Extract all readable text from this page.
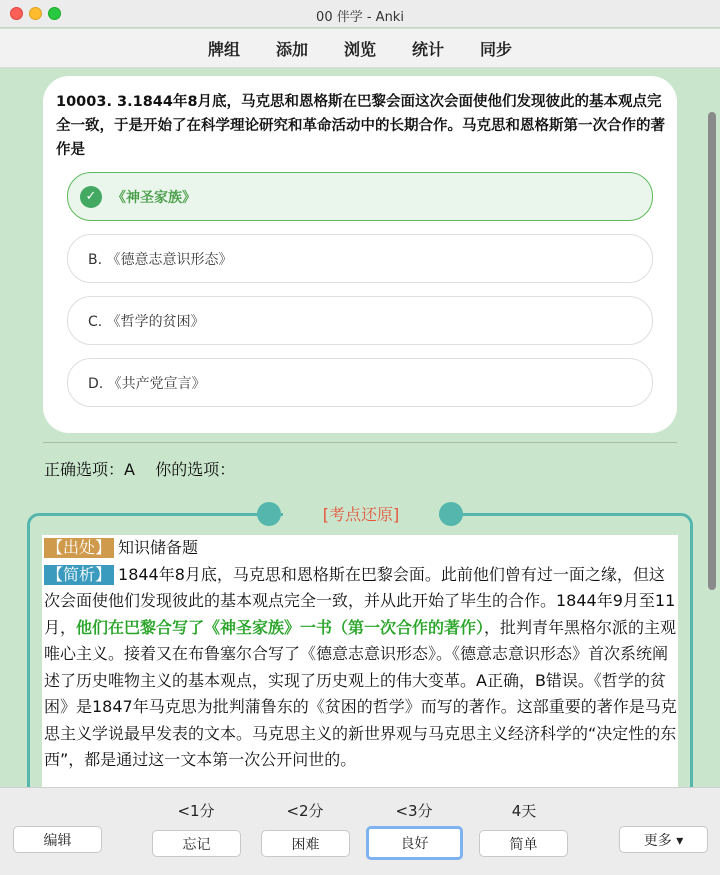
00 伴学 - Anki
牌组 添加 浏览 统计 同步
10003. 3.1844年8月底，马克思和恩格斯在巴黎会面这次会面使他们发现彼此的基本观点完全一致，于是开始了在科学理论研究和革命活动中的长期合作。马克思和恩格斯第一次合作的著作是
✓	《神圣家族》
B. 《德意志意识形态》
C. 《哲学的贫困》
D. 《共产党宣言》
正确选项：A    你的选项：
[考点还原]
【出处】 知识储备题
【简析】 1844年8月底，马克思和恩格斯在巴黎会面。此前他们曾有过一面之缘，但这次会面使他们发现彼此的基本观点完全一致，并从此开始了毕生的合作。1844年9月至11月，他们在巴黎合写了《神圣家族》一书（第一次合作的著作），批判青年黑格尔派的主观唯心主义。接着又在布鲁塞尔合写了《德意志意识形态》。《德意志意识形态》首次系统阐述了历史唯物主义的基本观点，实现了历史观上的伟大变革。A正确，B错误。《哲学的贫困》是1847年马克思为批判蒲鲁东的《贫困的哲学》而写的著作。这部重要的著作是马克思主义学说最早发表的文本。马克思主义的新世界观与马克思主义经济科学的“决定性的东西”，都是通过这一文本第一次公开问世的。
编辑
<1分	<2分	<3分	4天
忘记	困难	良好	简单	更多 ▾
